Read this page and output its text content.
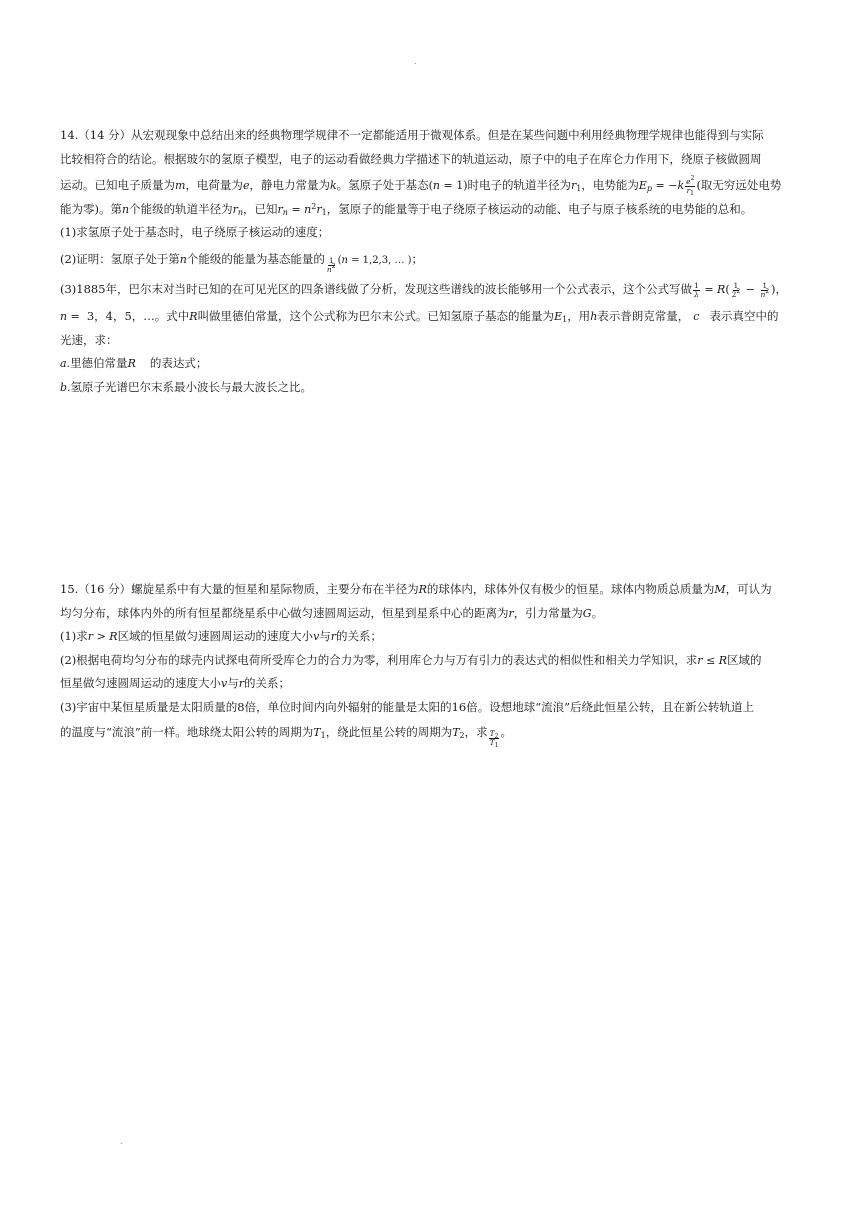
.
14.（14 分）从宏观现象中总结出来的经典物理学规律不一定都能适用于微观体系。但是在某些问题中利用经典物理学规律也能得到与实际
比较相符合的结论。根据玻尔的氢原子模型，电子的运动看做经典力学描述下的轨道运动，原子中的电子在库仑力作用下，绕原子核做圆周
运动。已知电子质量为 m ，电荷量为 e ，静电力常量为 k 。氢原子处于基态 (n = 1) 时电子的轨道半径为 $r_1$ ，电势能为 $E_p = -k \frac{e^2}{r_1}$ (取无穷远处电势
能为零)。第 n 个能级的轨道半径为 $r_n$ ，已知 $r_n = n^2r_1$ ，氢原子的能量等于电子绕原子核运动的动能、电子与原子核系统的电势能的总和。
(1)求氢原子处于基态时，电子绕原子核运动的速度；
(2)证明：氢原子处于第 n 个能级的能量为基态能量的 $\frac{1}{n^2} (n = 1,2,3$, … ) ；
(3)1885年，巴尔末对当时已知的在可见光区的四条谱线做了分析，发现这些谱线的波长能够用一个公式表示，这个公式写做 $\frac{1}{\lambda} = R( \frac{1}{2^2} - \frac{1}{n^2}$ ) ，
n = 3，4，5，…。式中 R 叫做里德伯常量，这个公式称为巴尔末公式。已知氢原子基态的能量为 $E_1$ ，用 h 表示普朗克常量， c 表示真空中的
光速，求：
a. 里德伯常量 R 的表达式；
b. 氢原子光谱巴尔末系最小波长与最大波长之比。
15.（16 分）螺旋星系中有大量的恒星和星际物质，主要分布在半径为R的球体内，球体外仅有极少的恒星。球体内物质总质量为M，可认为
均匀分布，球体内外的所有恒星都绕星系中心做匀速圆周运动，恒星到星系中心的距离为 r ，引力常量为 G 。
(1)求 r > R 区域的恒星做匀速圆周运动的速度大小 v 与 r 的关系；
(2)根据电荷均匀分布的球壳内试探电荷所受库仑力的合力为零，利用库仑力与万有引力的表达式的相似性和相关力学知识，求r ≤ R区域的
恒星做匀速圆周运动的速度大小 v 与 r 的关系；
(3)宇宙中某恒星质量是太阳质量的8倍，单位时间内向外辐射的能量是太阳的16倍。设想地球“流浪”后绕此恒星公转，且在新公转轨道上
的温度与“流浪”前一样。地球绕太阳公转的周期为 $T_1$ ，绕此恒星公转的周期为 $T_2$ ，求 $\frac{T_2}{T_1}$ 。
.
